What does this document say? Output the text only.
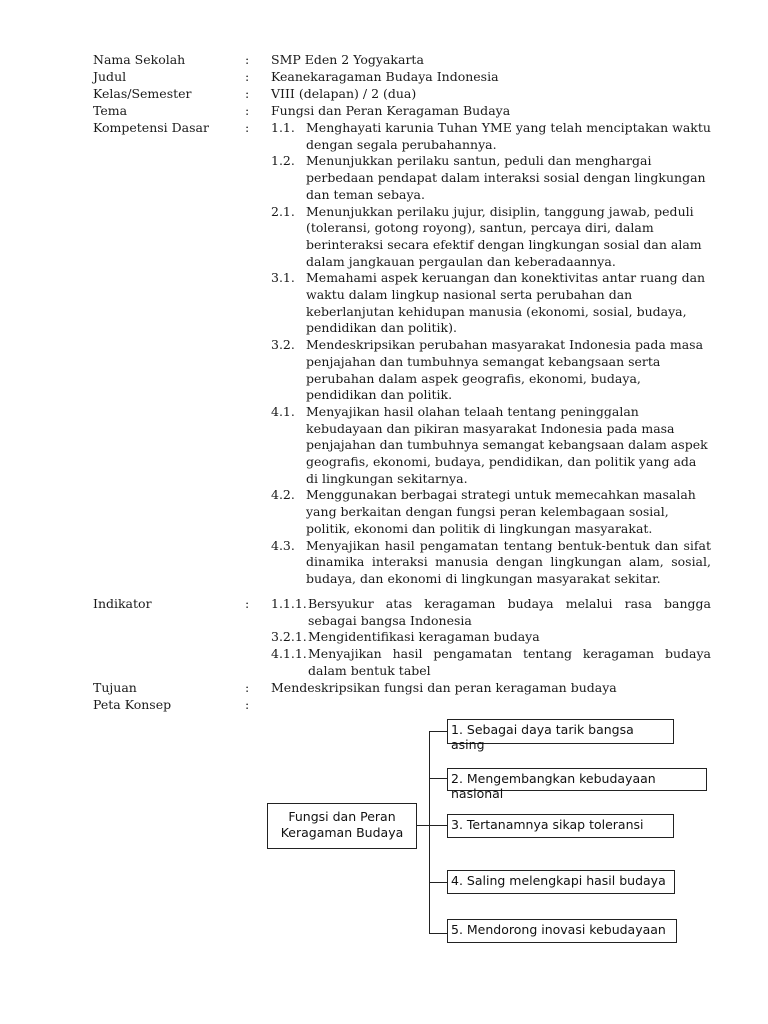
Nama Sekolah	: SMP Eden 2 Yogyakarta
Judul	: Keanekaragaman Budaya Indonesia
Kelas/Semester	: VIII (delapan) / 2 (dua)
Tema	: Fungsi dan Peran Keragaman Budaya
Kompetensi Dasar	: 1.1. Menghayati karunia Tuhan YME yang telah menciptakan waktu dengan segala perubahannya.
1.2. Menunjukkan perilaku santun, peduli dan menghargai perbedaan pendapat dalam interaksi sosial dengan lingkungan dan teman sebaya.
2.1. Menunjukkan perilaku jujur, disiplin, tanggung jawab, peduli (toleransi, gotong royong), santun, percaya diri, dalam berinteraksi secara efektif dengan lingkungan sosial dan alam dalam jangkauan pergaulan dan keberadaannya.
3.1. Memahami aspek keruangan dan konektivitas antar ruang dan waktu dalam lingkup nasional serta perubahan dan keberlanjutan kehidupan manusia (ekonomi, sosial, budaya, pendidikan dan politik).
3.2. Mendeskripsikan perubahan masyarakat Indonesia pada masa penjajahan dan tumbuhnya semangat kebangsaan serta perubahan dalam aspek geografis, ekonomi, budaya, pendidikan dan politik.
4.1. Menyajikan hasil olahan telaah tentang peninggalan kebudayaan dan pikiran masyarakat Indonesia pada masa penjajahan dan tumbuhnya semangat kebangsaan dalam aspek geografis, ekonomi, budaya, pendidikan, dan politik yang ada di lingkungan sekitarnya.
4.2. Menggunakan berbagai strategi untuk memecahkan masalah yang berkaitan dengan fungsi peran kelembagaan sosial, politik, ekonomi dan politik di lingkungan masyarakat.
4.3. Menyajikan hasil pengamatan tentang bentuk-bentuk dan sifat dinamika interaksi manusia dengan lingkungan alam, sosial, budaya, dan ekonomi di lingkungan masyarakat sekitar.
Indikator	: 1.1.1. Bersyukur atas keragaman budaya melalui rasa bangga sebagai bangsa Indonesia
3.2.1. Mengidentifikasi keragaman budaya
4.1.1. Menyajikan hasil pengamatan tentang keragaman budaya dalam bentuk tabel
Tujuan	: Mendeskripsikan fungsi dan peran keragaman budaya
Peta Konsep	:
Fungsi dan Peran Keragaman Budaya
1. Sebagai daya tarik bangsa asing
2. Mengembangkan kebudayaan nasional
3. Tertanamnya sikap toleransi
4. Saling melengkapi hasil budaya
5. Mendorong inovasi kebudayaan
